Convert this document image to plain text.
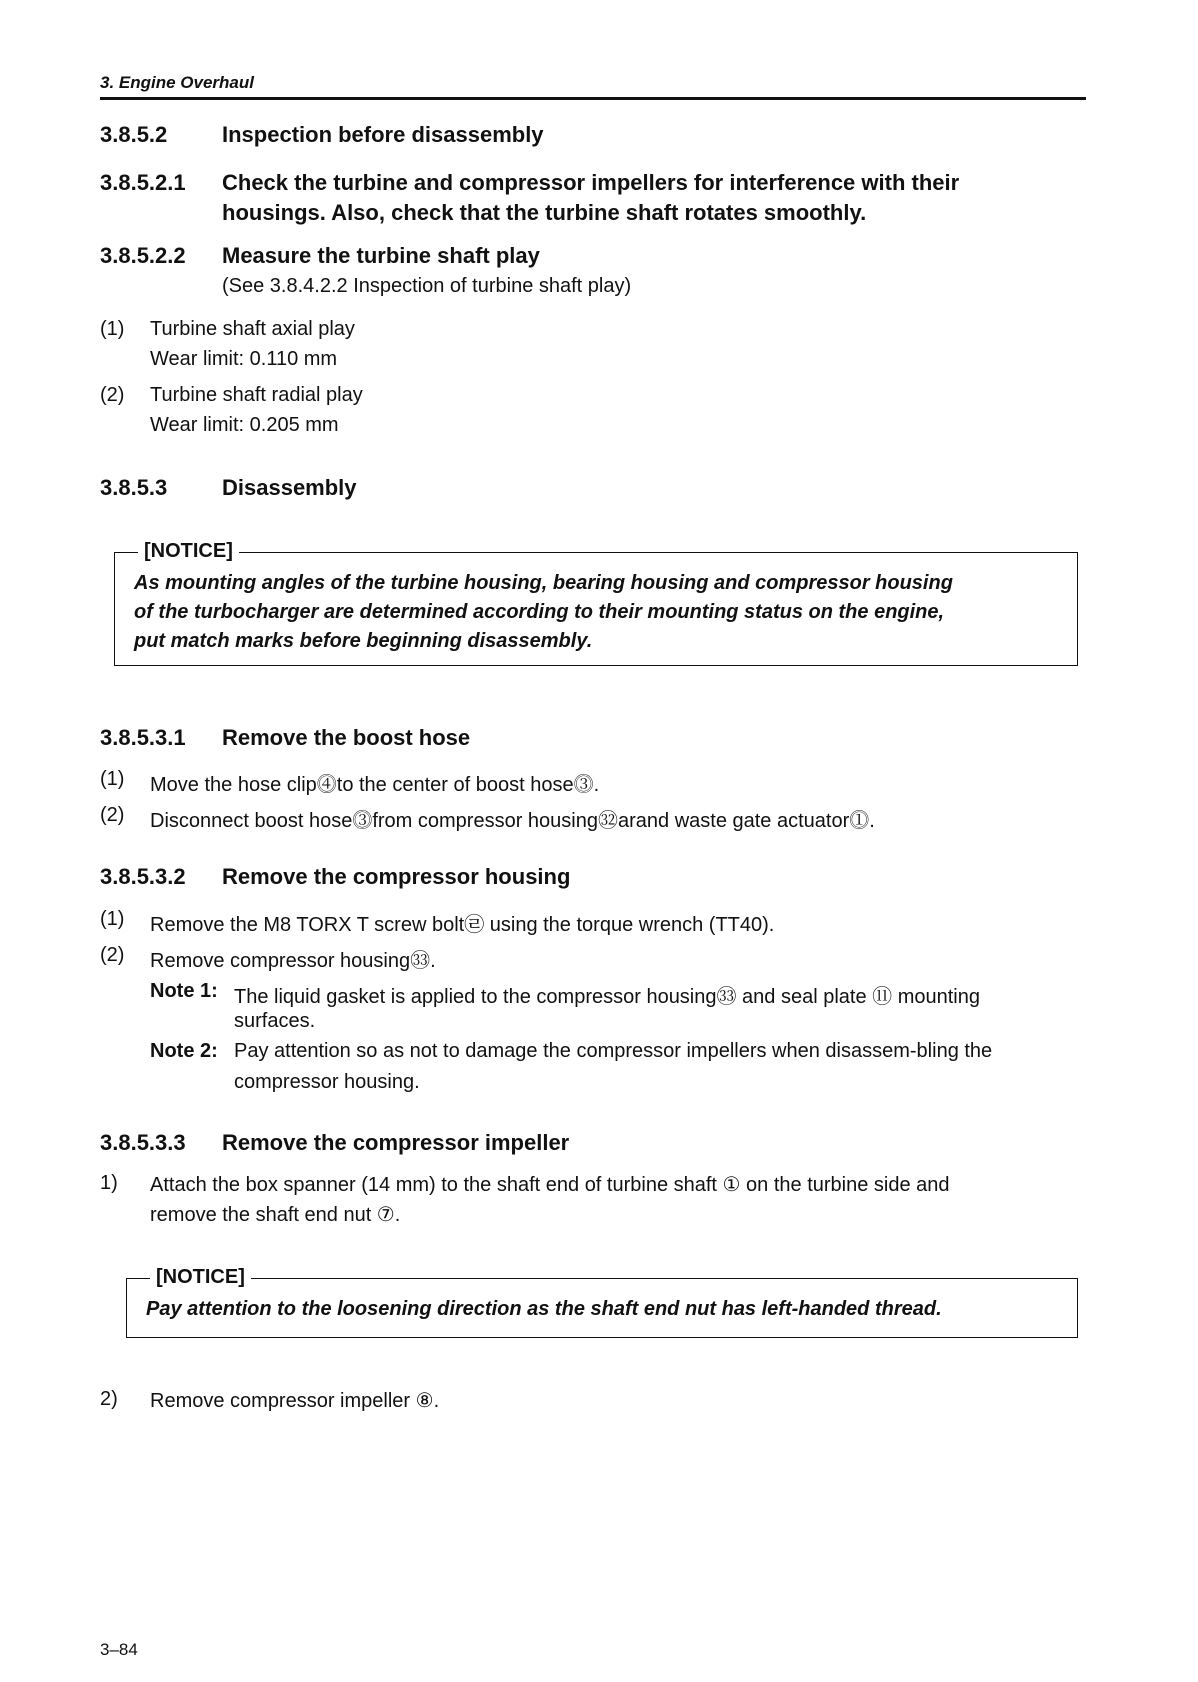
3. Engine Overhaul
3.8.5.2 Inspection before disassembly
3.8.5.2.1 Check the turbine and compressor impellers for interference with their
housings. Also, check that the turbine shaft rotates smoothly.
3.8.5.2.2 Measure the turbine shaft play
(See 3.8.4.2.2 Inspection of turbine shaft play)
(1) Turbine shaft axial play
Wear limit: 0.110 mm
(2) Turbine shaft radial play
Wear limit: 0.205 mm
3.8.5.3 Disassembly
[NOTICE]
As mounting angles of the turbine housing, bearing housing and compressor housing
of the turbocharger are determined according to their mounting status on the engine,
put match marks before beginning disassembly.
3.8.5.3.1 Remove the boost hose
(1) Move the hose clip⓸to the center of boost hose⓷.
(2) Disconnect boost hose⓷from compressor housing㉜arand waste gate actuator⓵.
3.8.5.3.2 Remove the compressor housing
(1) Remove the M8 TORX T screw bolt㉣ using the torque wrench (TT40).
(2) Remove compressor housing㉝.
Note 1: The liquid gasket is applied to the compressor housing㉝ and seal plate ⑪ mounting
surfaces.
Note 2: Pay attention so as not to damage the compressor impellers when disassem-bling the
compressor housing.
3.8.5.3.3 Remove the compressor impeller
1) Attach the box spanner (14 mm) to the shaft end of turbine shaft ① on the turbine side and
remove the shaft end nut ⑦.
[NOTICE]
Pay attention to the loosening direction as the shaft end nut has left-handed thread.
2) Remove compressor impeller ⑧.
3–84
